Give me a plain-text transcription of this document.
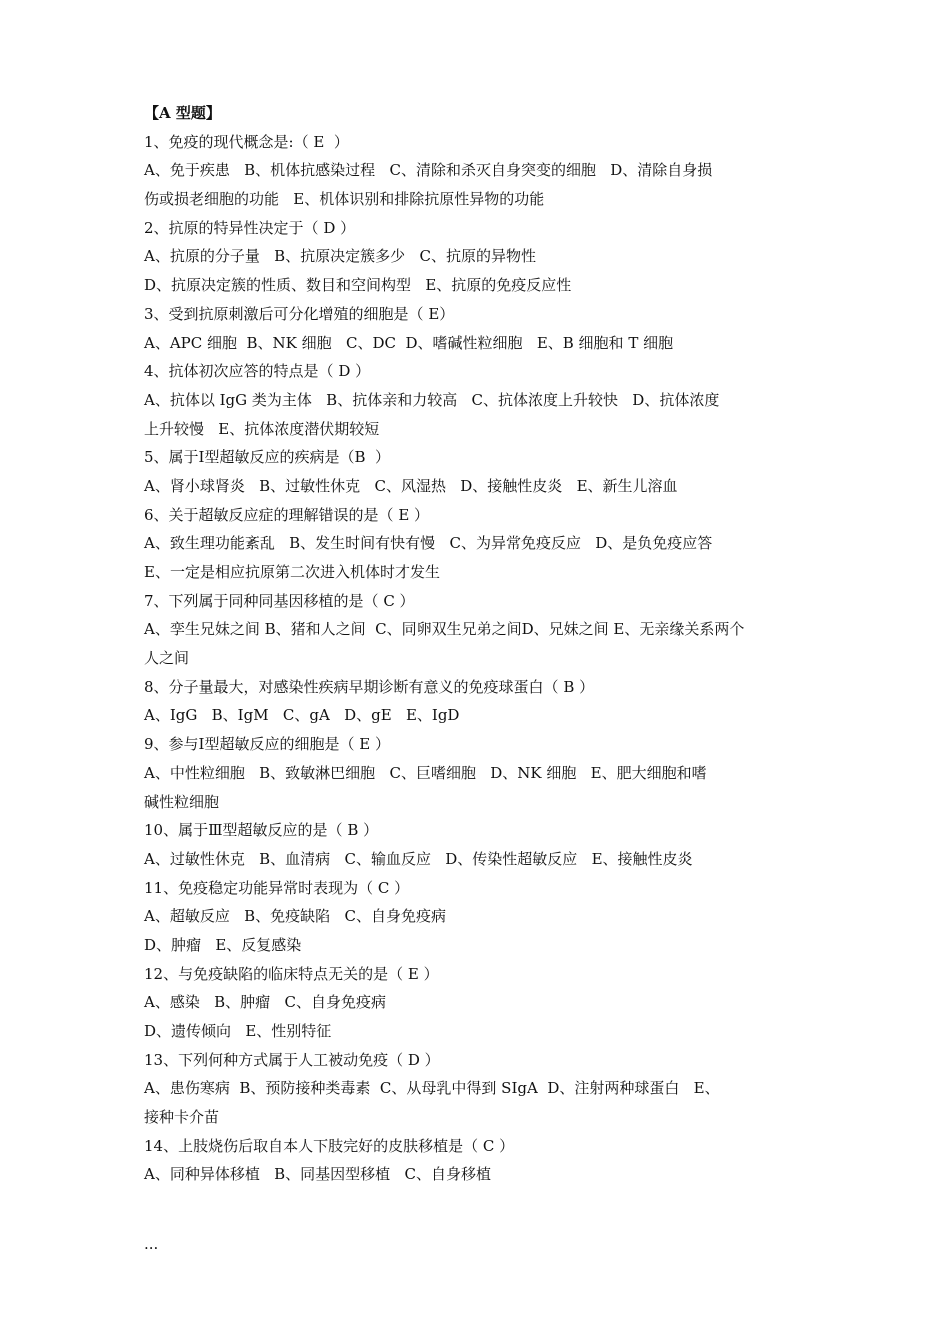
【A 型题】
1、免疫的现代概念是:（ E  ）
A、免于疾患   B、机体抗感染过程   C、清除和杀灭自身突变的细胞   D、清除自身损
伤或损老细胞的功能   E、机体识别和排除抗原性异物的功能
2、抗原的特异性决定于（ D ）
A、抗原的分子量   B、抗原决定簇多少   C、抗原的异物性
D、抗原决定簇的性质、数目和空间构型   E、抗原的免疫反应性
3、受到抗原刺激后可分化增殖的细胞是（ E）
A、APC 细胞  B、NK 细胞   C、DC  D、嗜碱性粒细胞   E、B 细胞和 T 细胞
4、抗体初次应答的特点是（ D ）
A、抗体以 IgG 类为主体   B、抗体亲和力较高   C、抗体浓度上升较快   D、抗体浓度
上升较慢   E、抗体浓度潜伏期较短
5、属于Ⅰ型超敏反应的疾病是（B  ）
A、肾小球肾炎   B、过敏性休克   C、风湿热   D、接触性皮炎   E、新生儿溶血
6、关于超敏反应症的理解错误的是（ E ）
A、致生理功能紊乱   B、发生时间有快有慢   C、为异常免疫反应   D、是负免疫应答
E、一定是相应抗原第二次进入机体时才发生
7、下列属于同种同基因移植的是（ C ）
A、孪生兄妹之间 B、猪和人之间  C、同卵双生兄弟之间D、兄妹之间 E、无亲缘关系两个
人之间
8、分子量最大，对感染性疾病早期诊断有意义的免疫球蛋白（ B ）
A、IgG   B、IgM   C、gA   D、gE   E、IgD
9、参与Ⅰ型超敏反应的细胞是（ E ）
A、中性粒细胞   B、致敏淋巴细胞   C、巨嗜细胞   D、NK 细胞   E、肥大细胞和嗜
碱性粒细胞
10、属于Ⅲ型超敏反应的是（ B ）
A、过敏性休克   B、血清病   C、输血反应   D、传染性超敏反应   E、接触性皮炎
11、免疫稳定功能异常时表现为（ C ）
A、超敏反应   B、免疫缺陷   C、自身免疫病
D、肿瘤   E、反复感染
12、与免疫缺陷的临床特点无关的是（ E ）
A、感染   B、肿瘤   C、自身免疫病
D、遗传倾向   E、性别特征
13、下列何种方式属于人工被动免疫（ D ）
A、患伤寒病  B、预防接种类毒素  C、从母乳中得到 SIgA  D、注射两种球蛋白   E、
接种卡介苗
14、上肢烧伤后取自本人下肢完好的皮肤移植是（ C ）
A、同种异体移植   B、同基因型移植   C、自身移植
...
